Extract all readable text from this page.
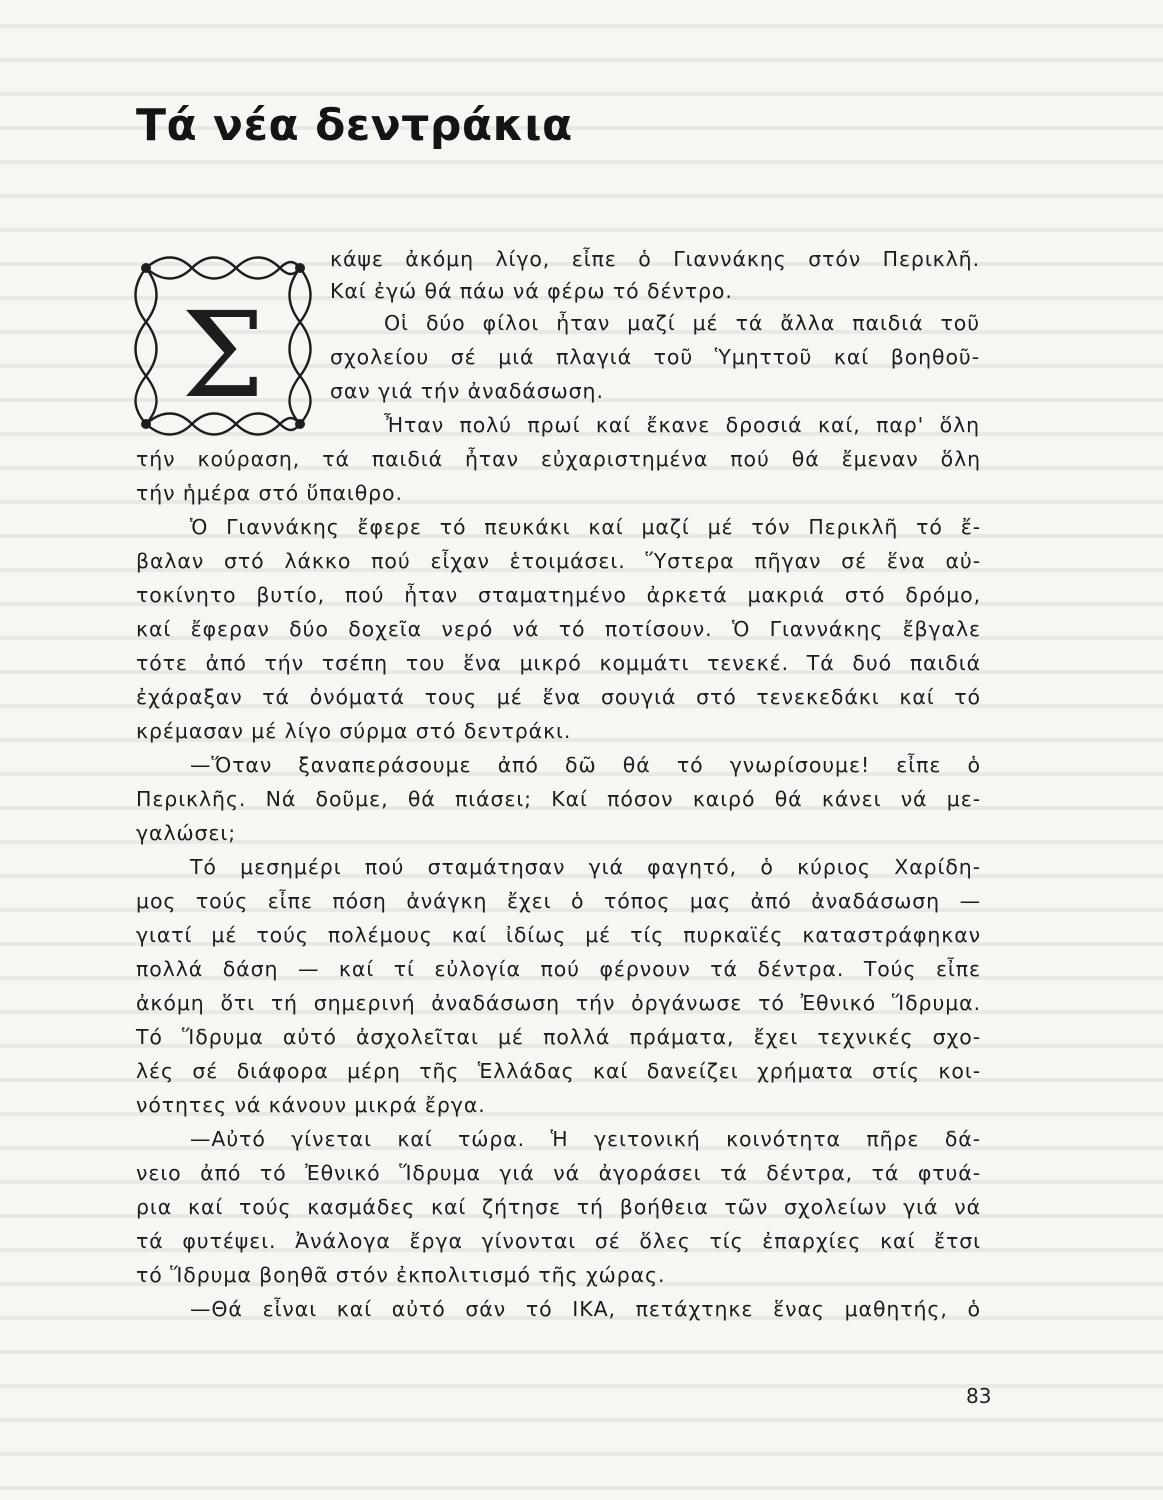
Τά νέα δεντράκια
Σ
κάψε ἀκόμη λίγο, εἶπε ὁ Γιαννάκης στόν Περικλῆ.
Καί ἐγώ θά πάω νά φέρω τό δέντρο.
Οἱ δύο φίλοι ἦταν μαζί μέ τά ἄλλα παιδιά τοῦ
σχολείου σέ μιά πλαγιά τοῦ Ὑμηττοῦ καί βοηθοῦ-
σαν γιά τήν ἀναδάσωση.
Ἦταν πολύ πρωί καί ἔκανε δροσιά καί, παρ' ὅλη
τήν κούραση, τά παιδιά ἦταν εὐχαριστημένα πού θά ἔμεναν ὅλη
τήν ἡμέρα στό ὕπαιθρο.
Ὁ Γιαννάκης ἔφερε τό πευκάκι καί μαζί μέ τόν Περικλῆ τό ἔ-
βαλαν στό λάκκο πού εἶχαν ἑτοιμάσει. Ὕστερα πῆγαν σέ ἕνα αὐ-
τοκίνητο βυτίο, πού ἦταν σταματημένο ἀρκετά μακριά στό δρόμο,
καί ἔφεραν δύο δοχεῖα νερό νά τό ποτίσουν. Ὁ Γιαννάκης ἔβγαλε
τότε ἀπό τήν τσέπη του ἕνα μικρό κομμάτι τενεκέ. Τά δυό παιδιά
ἐχάραξαν τά ὀνόματά τους μέ ἕνα σουγιά στό τενεκεδάκι καί τό
κρέμασαν μέ λίγο σύρμα στό δεντράκι.
—Ὅταν ξαναπεράσουμε ἀπό δῶ θά τό γνωρίσουμε! εἶπε ὁ
Περικλῆς. Νά δοῦμε, θά πιάσει; Καί πόσον καιρό θά κάνει νά με-
γαλώσει;
Τό μεσημέρι πού σταμάτησαν γιά φαγητό, ὁ κύριος Χαρίδη-
μος τούς εἶπε πόση ἀνάγκη ἔχει ὁ τόπος μας ἀπό ἀναδάσωση —
γιατί μέ τούς πολέμους καί ἰδίως μέ τίς πυρκαϊές καταστράφηκαν
πολλά δάση — καί τί εὐλογία πού φέρνουν τά δέντρα. Τούς εἶπε
ἀκόμη ὅτι τή σημερινή ἀναδάσωση τήν ὀργάνωσε τό Ἐθνικό Ἵδρυμα.
Τό Ἵδρυμα αὐτό ἀσχολεῖται μέ πολλά πράματα, ἔχει τεχνικές σχο-
λές σέ διάφορα μέρη τῆς Ἑλλάδας καί δανείζει χρήματα στίς κοι-
νότητες νά κάνουν μικρά ἔργα.
—Αὐτό γίνεται καί τώρα. Ἡ γειτονική κοινότητα πῆρε δά-
νειο ἀπό τό Ἐθνικό Ἵδρυμα γιά νά ἀγοράσει τά δέντρα, τά φτυά-
ρια καί τούς κασμάδες καί ζήτησε τή βοήθεια τῶν σχολείων γιά νά
τά φυτέψει. Ἀνάλογα ἔργα γίνονται σέ ὅλες τίς ἐπαρχίες καί ἔτσι
τό Ἵδρυμα βοηθᾶ στόν ἐκπολιτισμό τῆς χώρας.
—Θά εἶναι καί αὐτό σάν τό ΙΚΑ, πετάχτηκε ἕνας μαθητής, ὁ
83
